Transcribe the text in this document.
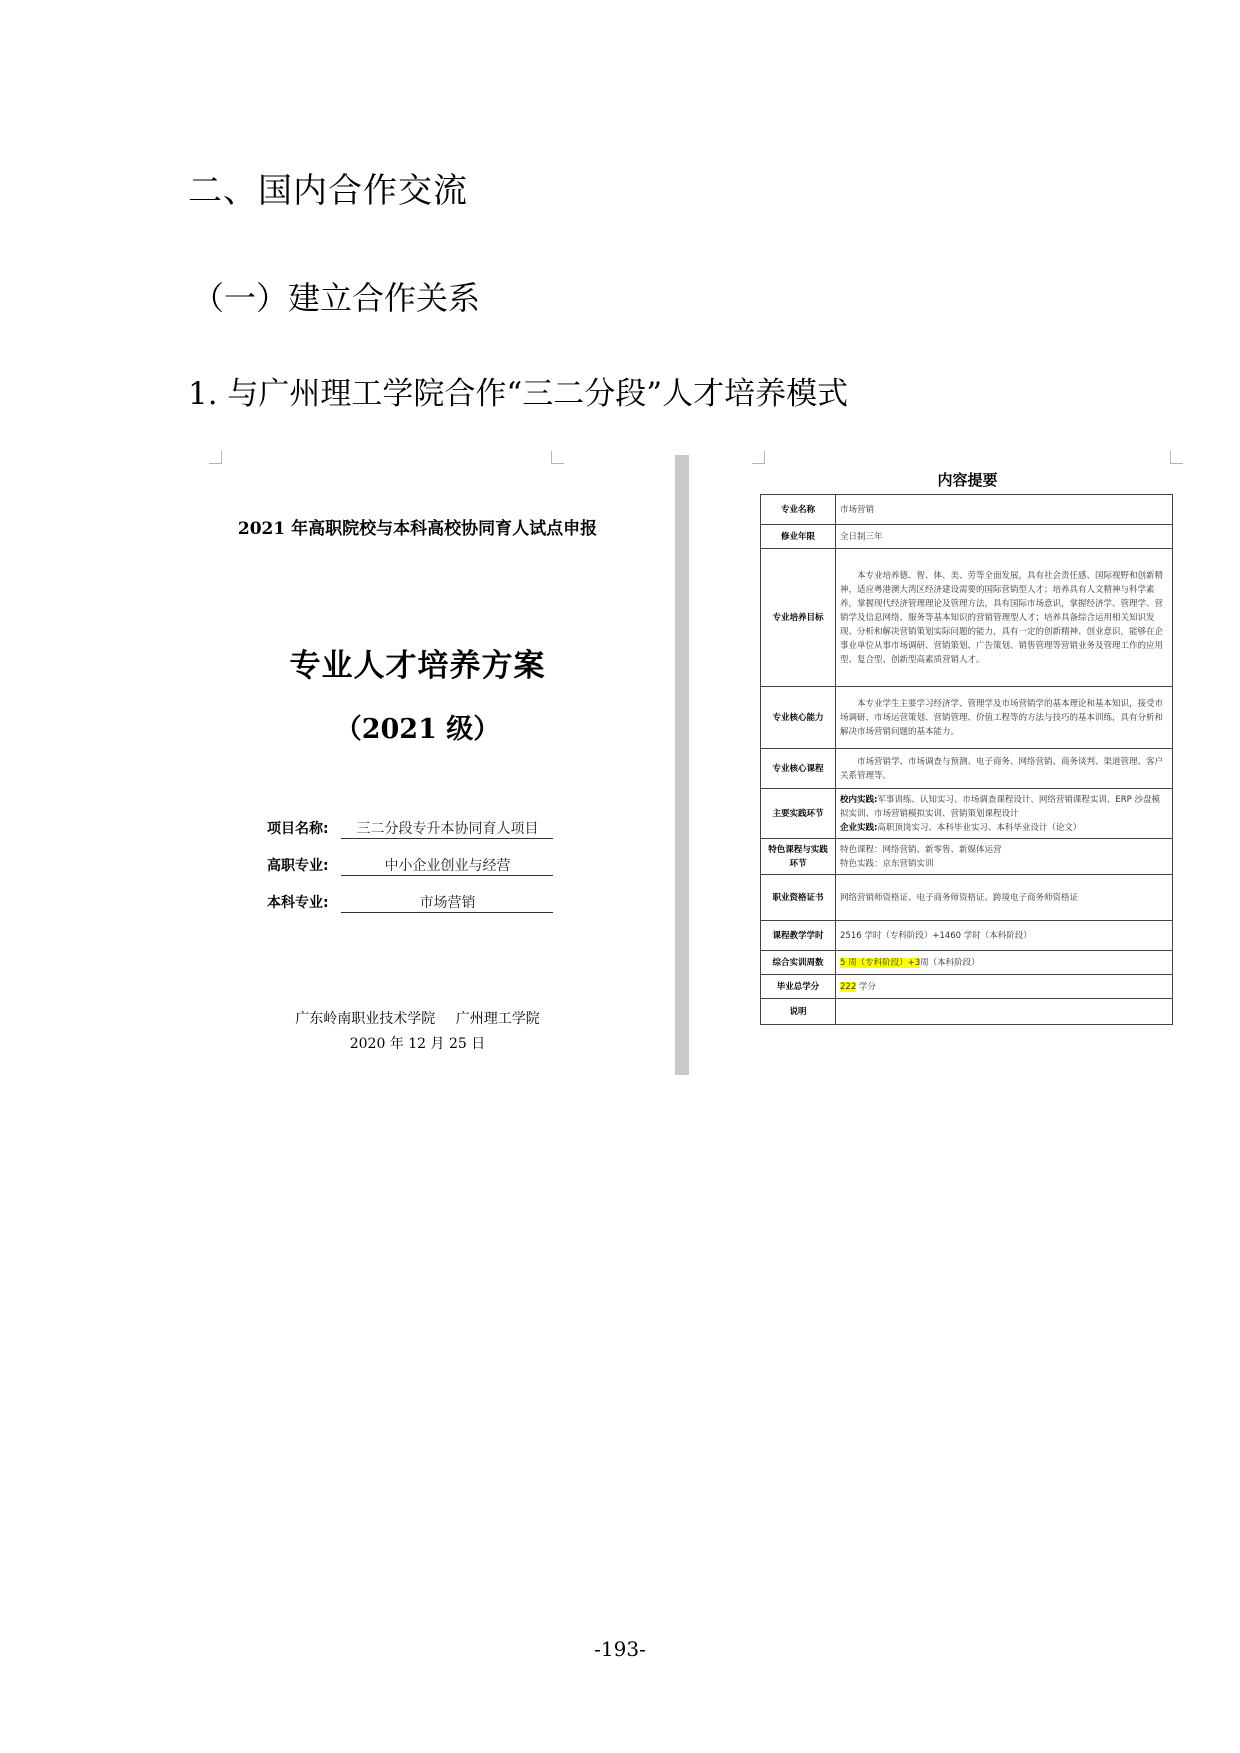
二、国内合作交流
（一）建立合作关系
1. 与广州理工学院合作“三二分段”人才培养模式
2021 年高职院校与本科高校协同育人试点申报
专业人才培养方案
（2021 级）
项目名称: 三二分段专升本协同育人项目
高职专业:	中小企业创业与经营
本科专业:	市场营销
广东岭南职业技术学院 广州理工学院
2020 年 12 月 25 日
内容提要
专业名称	市场营销
修业年限	全日制三年
专业培养目标	本专业培养德、智、体、美、劳等全面发展，具有社会责任感、国际视野和创新精神，适应粤港澳大湾区经济建设需要的国际营销型人才；培养具有人文精神与科学素养，掌握现代经济管理理论及管理方法，具有国际市场意识，掌握经济学、管理学、营销学及信息网络、服务等基本知识的营销管理型人才；培养具备综合运用相关知识发现、分析和解决营销策划实际问题的能力，具有一定的创新精神、创业意识，能够在企事业单位从事市场调研、营销策划、广告策划、销售管理等营销业务及管理工作的应用型、复合型、创新型高素质营销人才。
专业核心能力	本专业学生主要学习经济学、管理学及市场营销学的基本理论和基本知识，接受市场调研、市场运营策划、营销管理、价值工程等的方法与技巧的基本训练，具有分析和解决市场营销问题的基本能力。
专业核心课程	市场营销学、市场调查与预测、电子商务、网络营销、商务谈判、渠道管理、客户关系管理等。
主要实践环节	校内实践:军事训练、认知实习、市场调查课程设计、网络营销课程实训、ERP 沙盘模拟实训、市场营销模拟实训、营销策划课程设计
企业实践:高职顶岗实习、本科毕业实习、本科毕业设计（论文）
特色课程与实践环节	特色课程：网络营销、新零售、新媒体运营
特色实践：京东营销实训
职业资格证书	网络营销师资格证、电子商务师资格证、跨境电子商务师资格证
课程教学学时	2516 学时（专科阶段）+1460 学时（本科阶段）
综合实训周数	5 周（专科阶段）+3周（本科阶段）
毕业总学分	222 学分
说明	
-193-
